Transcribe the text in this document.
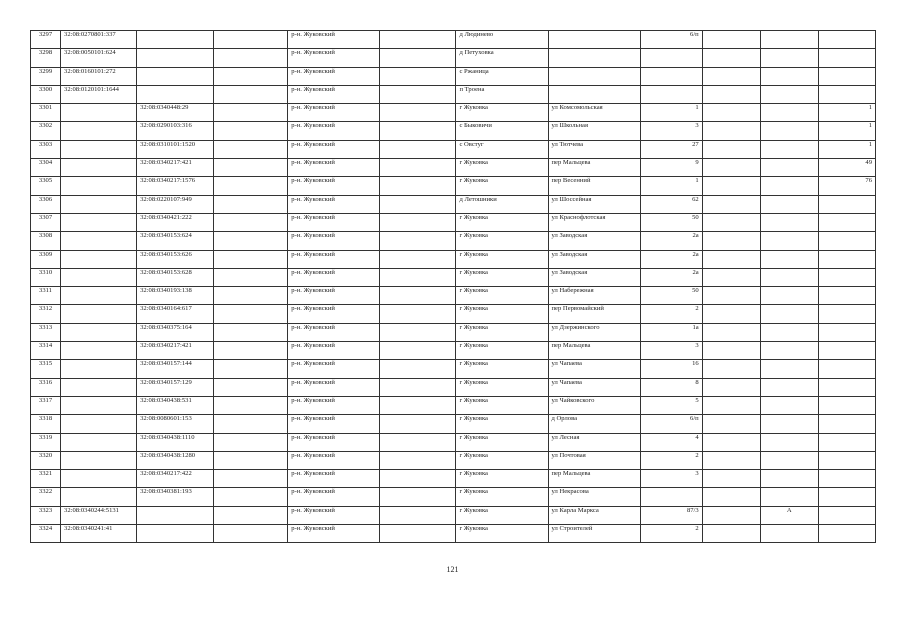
3297	32:08:0270801:337			р-н. Жуковский		д Людинево		6/п			
3298	32:08:0050101:624			р-н. Жуковский		д Петуховка					
3299	32:08:0160101:272			р-н. Жуковский		с Ржаница					
3300	32:08:0120101:1644			р-н. Жуковский		п Троена					
3301		32:08:0340448:29		р-н. Жуковский		г Жуковка	ул Комсомольская	1			1
3302		32:08:0290103:316		р-н. Жуковский		с Быковичи	ул Школьная	3			1
3303		32:08:0310101:1520		р-н. Жуковский		с Овстуг	ул Тютчева	27			1
3304		32:08:0340217:421		р-н. Жуковский		г Жуковка	пер Мальцева	9			49
3305		32:08:0340217:1576		р-н. Жуковский		г Жуковка	пер Весенний	1			76
3306		32:08:0220107:949		р-н. Жуковский		д Летошники	ул Шоссейная	62			
3307		32:08:0340421:222		р-н. Жуковский		г Жуковка	ул Краснофлотская	50			
3308		32:08:0340153:624		р-н. Жуковский		г Жуковка	ул Заводская	2а			
3309		32:08:0340153:626		р-н. Жуковский		г Жуковка	ул Заводская	2а			
3310		32:08:0340153:628		р-н. Жуковский		г Жуковка	ул Заводская	2а			
3311		32:08:0340193:138		р-н. Жуковский		г Жуковка	ул Набережная	50			
3312		32:08:0340164:617		р-н. Жуковский		г Жуковка	пер Первомайский	2			
3313		32:08:0340375:164		р-н. Жуковский		г Жуковка	ул Дзержинского	1а			
3314		32:08:0340217:421		р-н. Жуковский		г Жуковка	пер Мальцева	3			
3315		32:08:0340157:144		р-н. Жуковский		г Жуковка	ул Чапаева	16			
3316		32:08:0340157:129		р-н. Жуковский		г Жуковка	ул Чапаева	8			
3317		32:08:0340438:531		р-н. Жуковский		г Жуковка	ул Чайковского	5			
3318		32:08:0080601:153		р-н. Жуковский		г Жуковка	д Орлова	6/п			
3319		32:08:0340438:1110		р-н. Жуковский		г Жуковка	ул Лесная	4			
3320		32:08:0340438:1280		р-н. Жуковский		г Жуковка	ул Почтовая	2			
3321		32:08:0340217:422		р-н. Жуковский		г Жуковка	пер Мальцева	3			
3322		32:08:0340381:193		р-н. Жуковский		г Жуковка	ул Некрасова				
3323	32:08:0340244:5131			р-н. Жуковский		г Жуковка	ул Карла Маркса	87/3		А	
3324	32:08:0340241:41			р-н. Жуковский		г Жуковка	ул Строителей	2			
121
